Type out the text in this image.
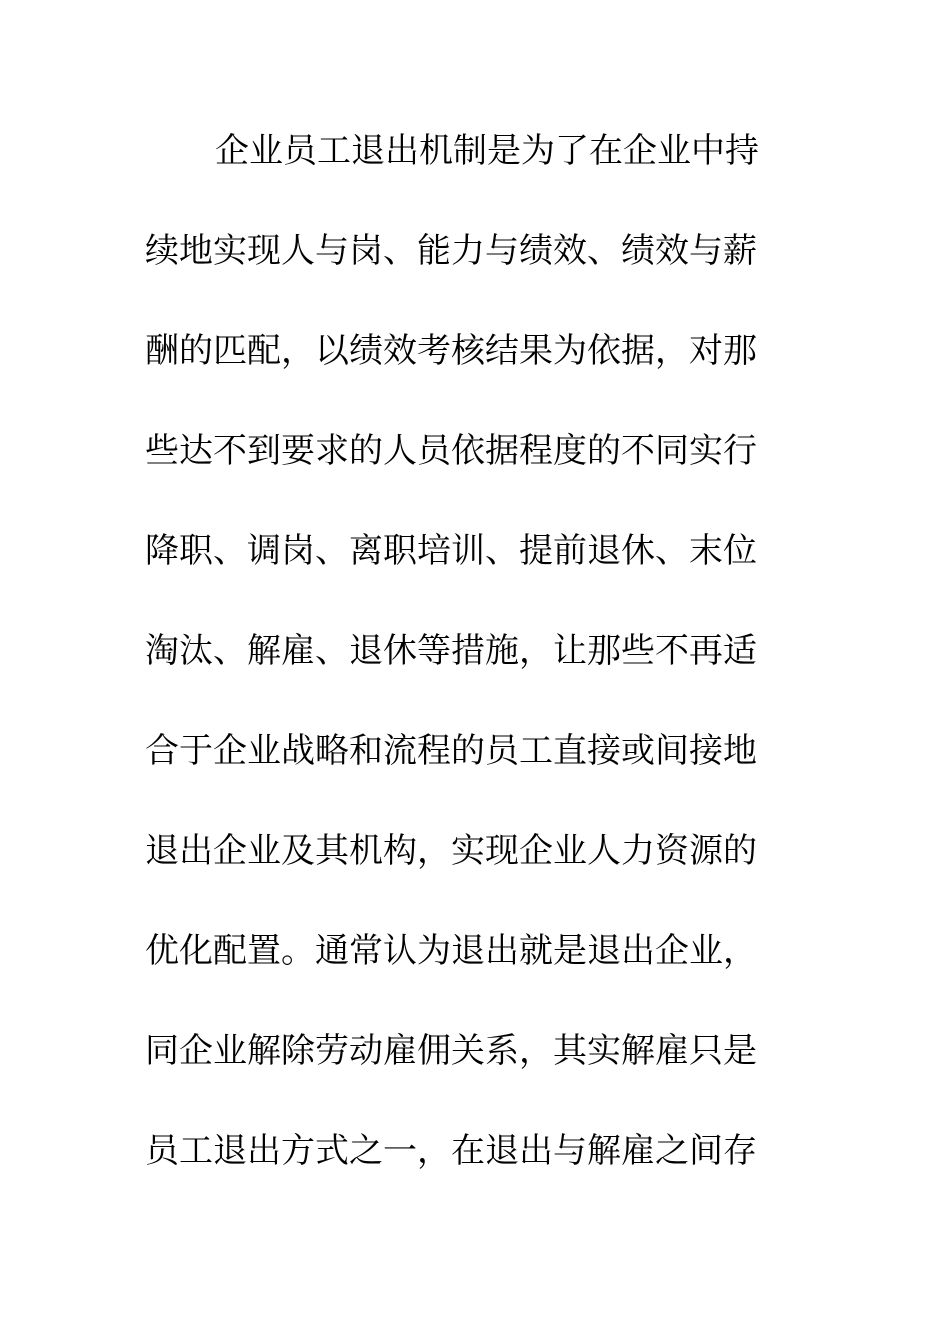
企业员工退出机制是为了在企业中持
续地实现人与岗、能力与绩效、绩效与薪
酬的匹配，以绩效考核结果为依据，对那
些达不到要求的人员依据程度的不同实行
降职、调岗、离职培训、提前退休、末位
淘汰、解雇、退休等措施，让那些不再适
合于企业战略和流程的员工直接或间接地
退出企业及其机构，实现企业人力资源的
优化配置。通常认为退出就是退出企业，
同企业解除劳动雇佣关系，其实解雇只是
员工退出方式之一，在退出与解雇之间存
